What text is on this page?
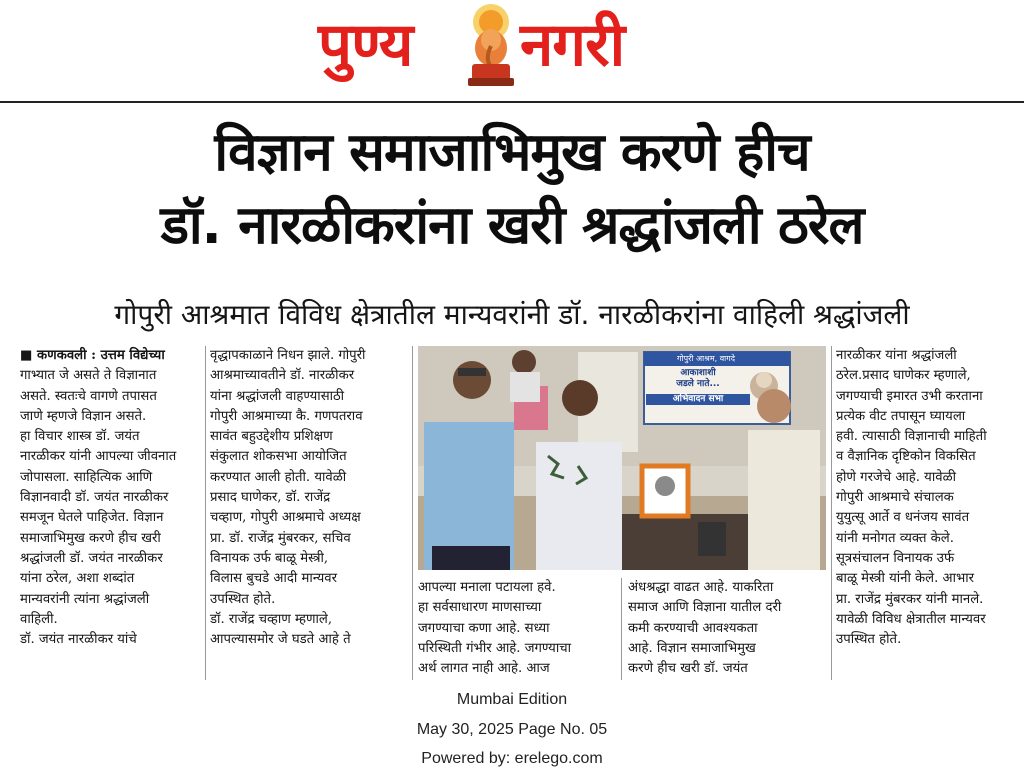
पुण्य नगरी
विज्ञान समाजाभिमुख करणे हीच
डॉ. नारळीकरांना खरी श्रद्धांजली ठरेल
गोपुरी आश्रमात विविध क्षेत्रातील मान्यवरांनी डॉ. नारळीकरांना वाहिली श्रद्धांजली

■ कणकवली : उत्तम विद्येच्या

गाभ्यात जे असते ते विज्ञानात

असते. स्वतःचे वागणे तपासत

जाणे म्हणजे विज्ञान असते.

हा विचार शास्त्र डॉ. जयंत

नारळीकर यांनी आपल्या जीवनात

जोपासला. साहित्यिक आणि

विज्ञानवादी डॉ. जयंत नारळीकर

समजून घेतले पाहिजेत. विज्ञान

समाजाभिमुख करणे हीच खरी

श्रद्धांजली डॉ. जयंत नारळीकर

यांना ठरेल, अशा शब्दांत

मान्यवरांनी त्यांना श्रद्धांजली

वाहिली.

डॉ. जयंत नारळीकर यांचे

वृद्धापकाळाने निधन झाले. गोपुरी

आश्रमाच्यावतीने डॉ. नारळीकर

यांना श्रद्धांजली वाहण्यासाठी

गोपुरी आश्रमाच्या कै. गणपतराव

सावंत बहुउद्देशीय प्रशिक्षण

संकुलात शोकसभा आयोजित

करण्यात आली होती. यावेळी

प्रसाद घाणेकर, डॉ. राजेंद्र

चव्हाण, गोपुरी आश्रमाचे अध्यक्ष

प्रा. डॉ. राजेंद्र मुंबरकर, सचिव

विनायक उर्फ बाळू मेस्त्री,

विलास बुचडे आदी मान्यवर

उपस्थित होते.

डॉ. राजेंद्र चव्हाण म्हणाले,

आपल्यासमोर जे घडते आहे ते

गोपुरी आश्रम, वागदे
आकाशाशी
जडले नाते...
अभिवादन सभा

आपल्या मनाला पटायला हवे.

हा सर्वसाधारण माणसाच्या

जगण्याचा कणा आहे. सध्या

परिस्थिती गंभीर आहे. जगण्याचा

अर्थ लागत नाही आहे. आज

अंधश्रद्धा वाढत आहे. याकरिता

समाज आणि विज्ञाना यातील दरी

कमी करण्याची आवश्यकता

आहे. विज्ञान समाजाभिमुख

करणे हीच खरी डॉ. जयंत

नारळीकर यांना श्रद्धांजली

ठरेल.प्रसाद घाणेकर म्हणाले,

जगण्याची इमारत उभी करताना

प्रत्येक वीट तपासून घ्यायला

हवी. त्यासाठी विज्ञानाची माहिती

व वैज्ञानिक दृष्टिकोन विकसित

होणे गरजेचे आहे. यावेळी

गोपुरी आश्रमाचे संचालक

युयुत्सू आर्ते व धनंजय सावंत

यांनी मनोगत व्यक्त केले.

सूत्रसंचालन विनायक उर्फ

बाळू मेस्त्री यांनी केले. आभार

प्रा. राजेंद्र मुंबरकर यांनी मानले.

यावेळी विविध क्षेत्रातील मान्यवर

उपस्थित होते.

Mumbai Edition
May 30, 2025 Page No. 05
Powered by: erelego.com
